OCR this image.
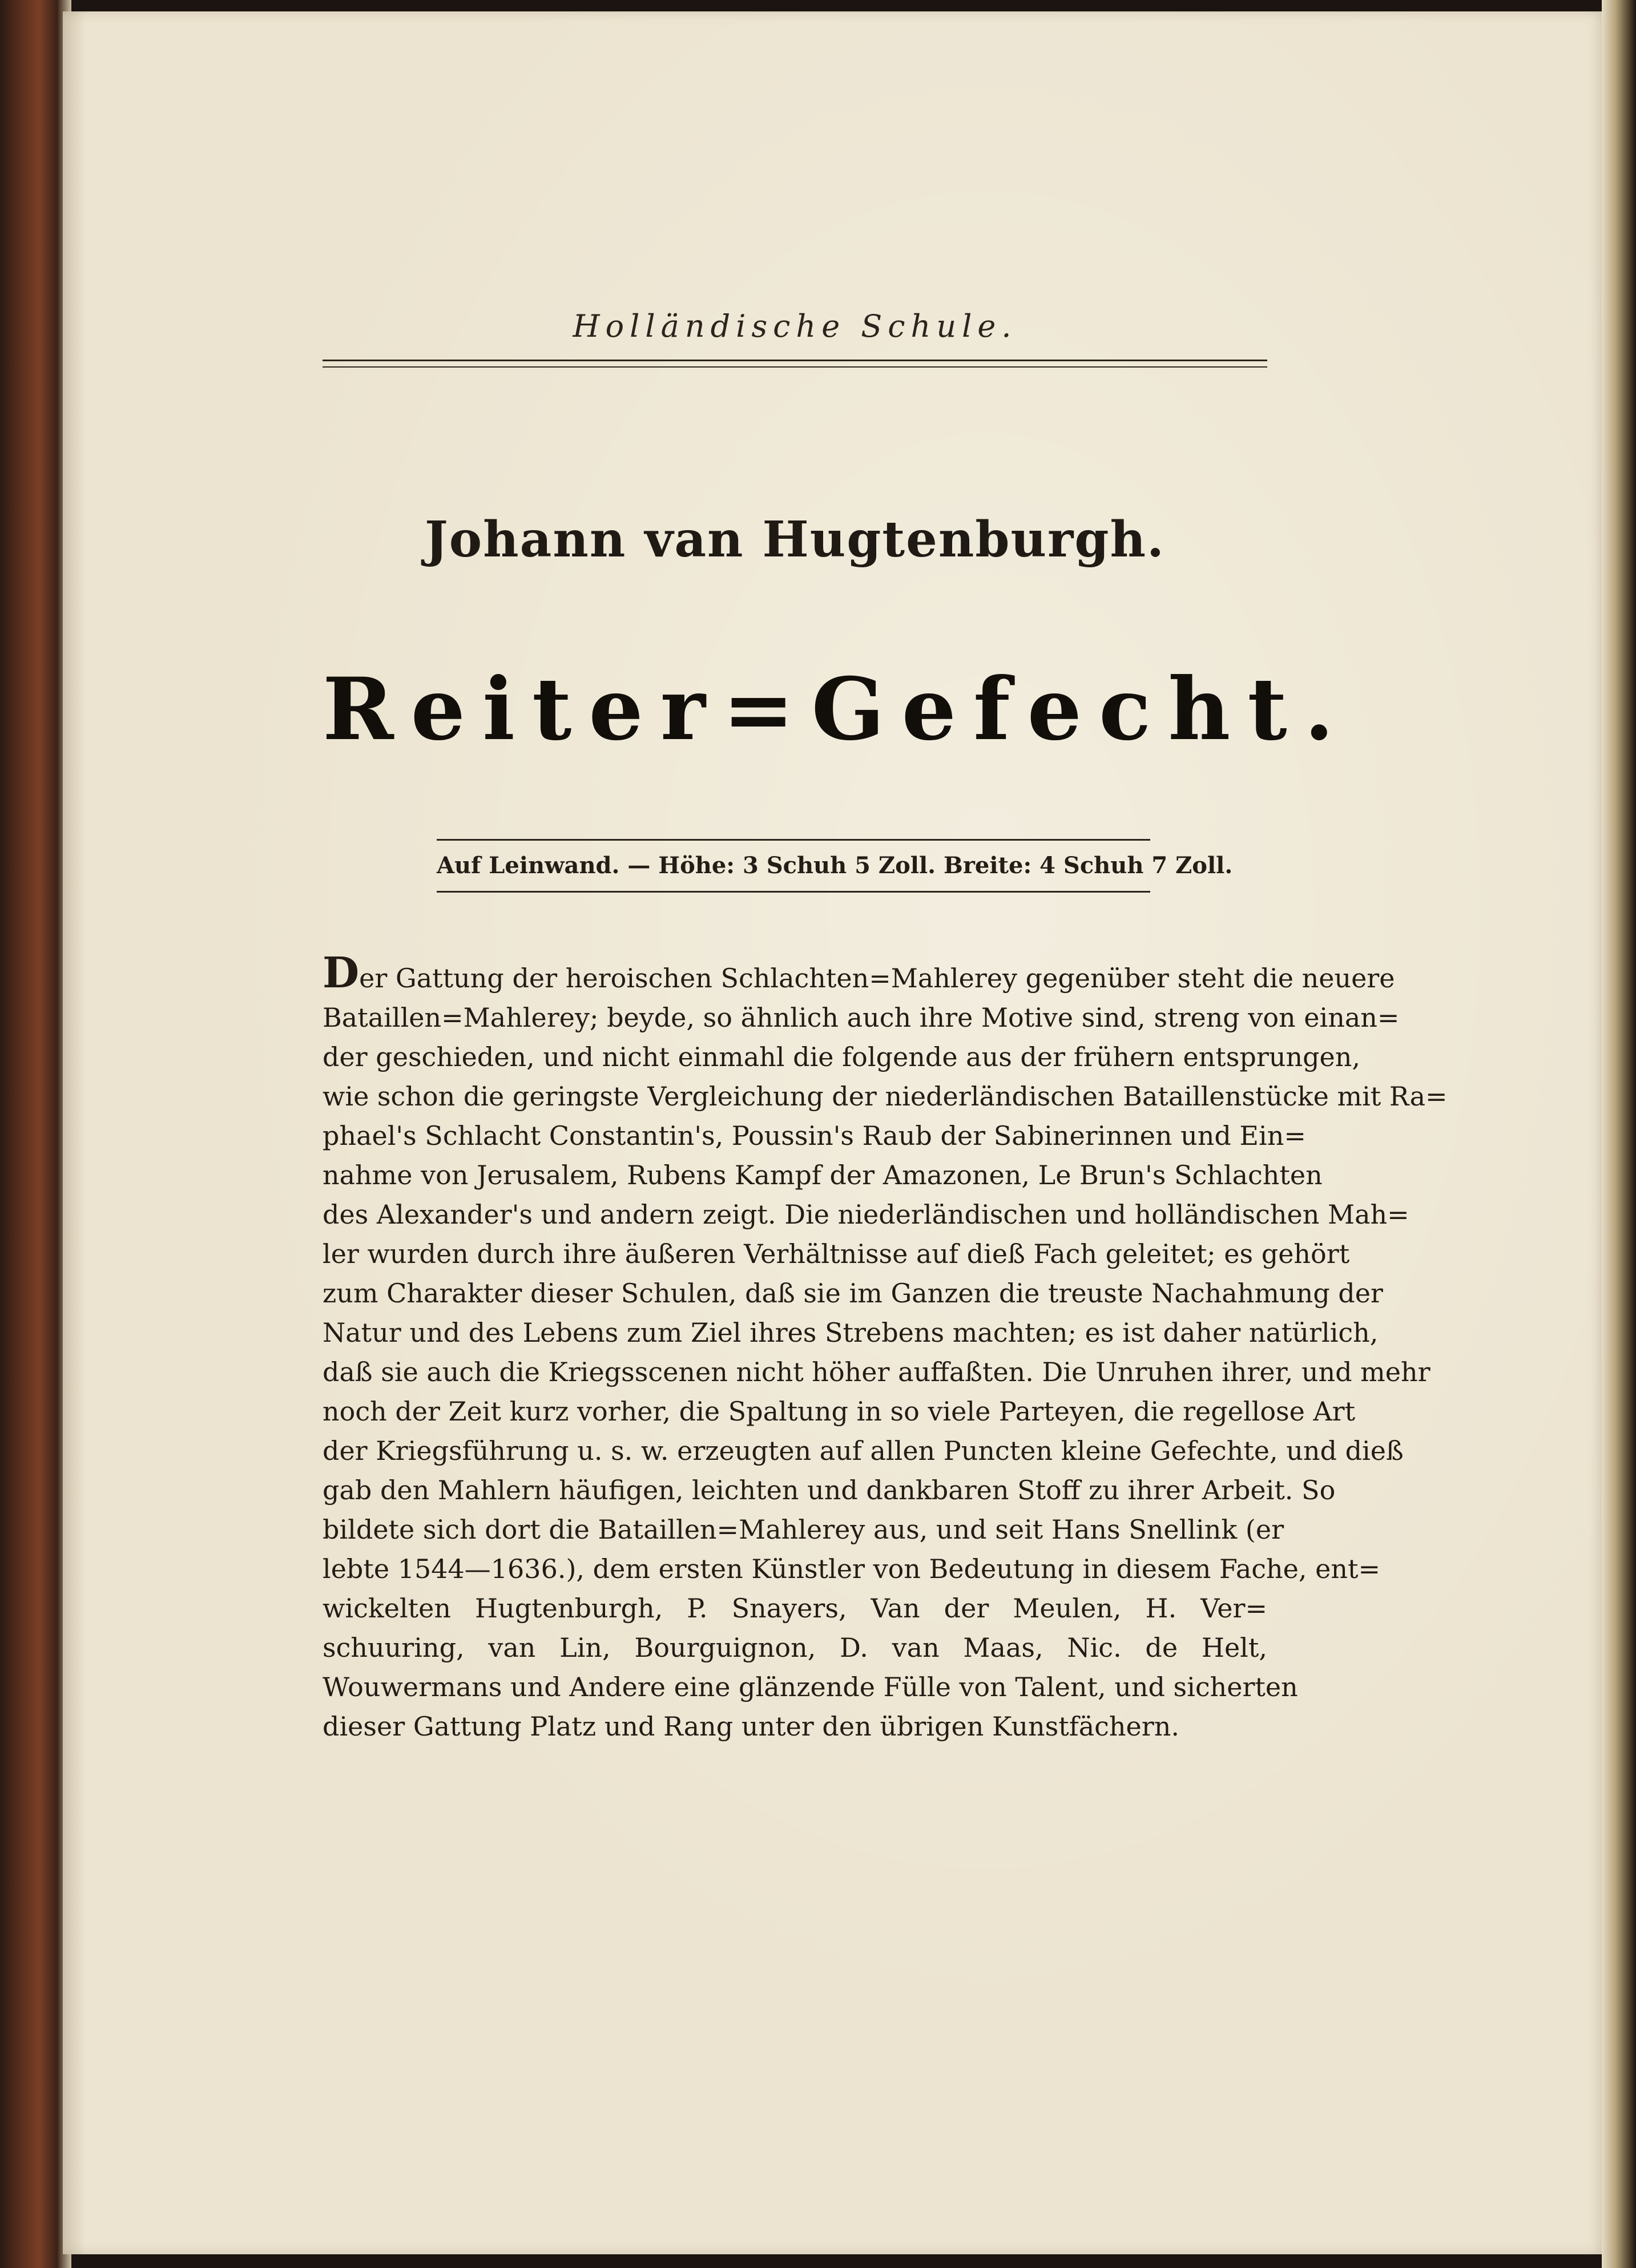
Holländische Schule.
Johann van Hugtenburgh.
Reiter=Gefecht.
Auf Leinwand. — Höhe: 3 Schuh 5 Zoll. Breite: 4 Schuh 7 Zoll.
Der Gattung der heroischen Schlachten=Mahlerey gegenüber steht die neuere
Bataillen=Mahlerey; beyde, so ähnlich auch ihre Motive sind, streng von einan=
der geschieden, und nicht einmahl die folgende aus der frühern entsprungen,
wie schon die geringste Vergleichung der niederländischen Bataillenstücke mit Ra=
phael's Schlacht Constantin's, Poussin's Raub der Sabinerinnen und Ein=
nahme von Jerusalem, Rubens Kampf der Amazonen, Le Brun's Schlachten
des Alexander's und andern zeigt. Die niederländischen und holländischen Mah=
ler wurden durch ihre äußeren Verhältnisse auf dieß Fach geleitet; es gehört
zum Charakter dieser Schulen, daß sie im Ganzen die treuste Nachahmung der
Natur und des Lebens zum Ziel ihres Strebens machten; es ist daher natürlich,
daß sie auch die Kriegsscenen nicht höher auffaßten. Die Unruhen ihrer, und mehr
noch der Zeit kurz vorher, die Spaltung in so viele Parteyen, die regellose Art
der Kriegsführung u. s. w. erzeugten auf allen Puncten kleine Gefechte, und dieß
gab den Mahlern häufigen, leichten und dankbaren Stoff zu ihrer Arbeit. So
bildete sich dort die Bataillen=Mahlerey aus, und seit Hans Snellink (er
lebte 1544—1636.), dem ersten Künstler von Bedeutung in diesem Fache, ent=
wickelten Hugtenburgh, P. Snayers, Van der Meulen, H. Ver=
schuuring, van Lin, Bourguignon, D. van Maas, Nic. de Helt,
Wouwermans und Andere eine glänzende Fülle von Talent, und sicherten
dieser Gattung Platz und Rang unter den übrigen Kunstfächern.
